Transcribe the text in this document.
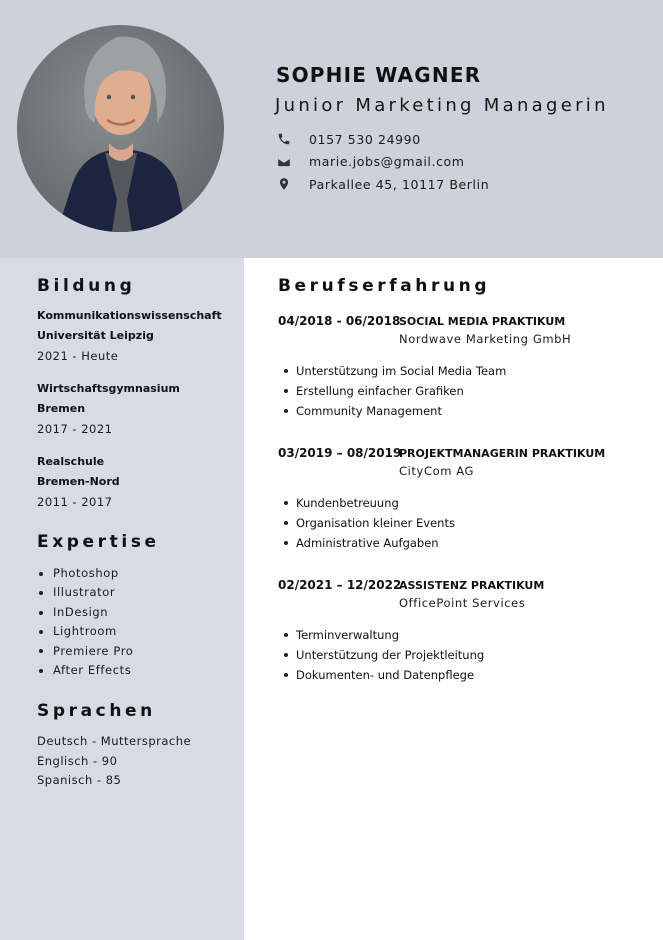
SOPHIE WAGNER
Junior Marketing Managerin
0157 530 24990
marie.jobs@gmail.com
Parkallee 45, 10117 Berlin
Bildung
Kommunikationswissenschaft
Universität Leipzig
2021 - Heute
Wirtschaftsgymnasium
Bremen
2017 - 2021
Realschule
Bremen-Nord
2011 - 2017
Expertise
Photoshop
Illustrator
InDesign
Lightroom
Premiere Pro
After Effects
Sprachen
Deutsch - Muttersprache
Englisch - 90
Spanisch - 85
Berufserfahrung
04/2018 - 06/2018
SOCIAL MEDIA PRAKTIKUM
Nordwave Marketing GmbH
Unterstützung im Social Media Team
Erstellung einfacher Grafiken
Community Management
03/2019 – 08/2019
PROJEKTMANAGERIN PRAKTIKUM
CityCom AG
Kundenbetreuung
Organisation kleiner Events
Administrative Aufgaben
02/2021 – 12/2022
ASSISTENZ PRAKTIKUM
OfficePoint Services
Terminverwaltung
Unterstützung der Projektleitung
Dokumenten- und Datenpflege
